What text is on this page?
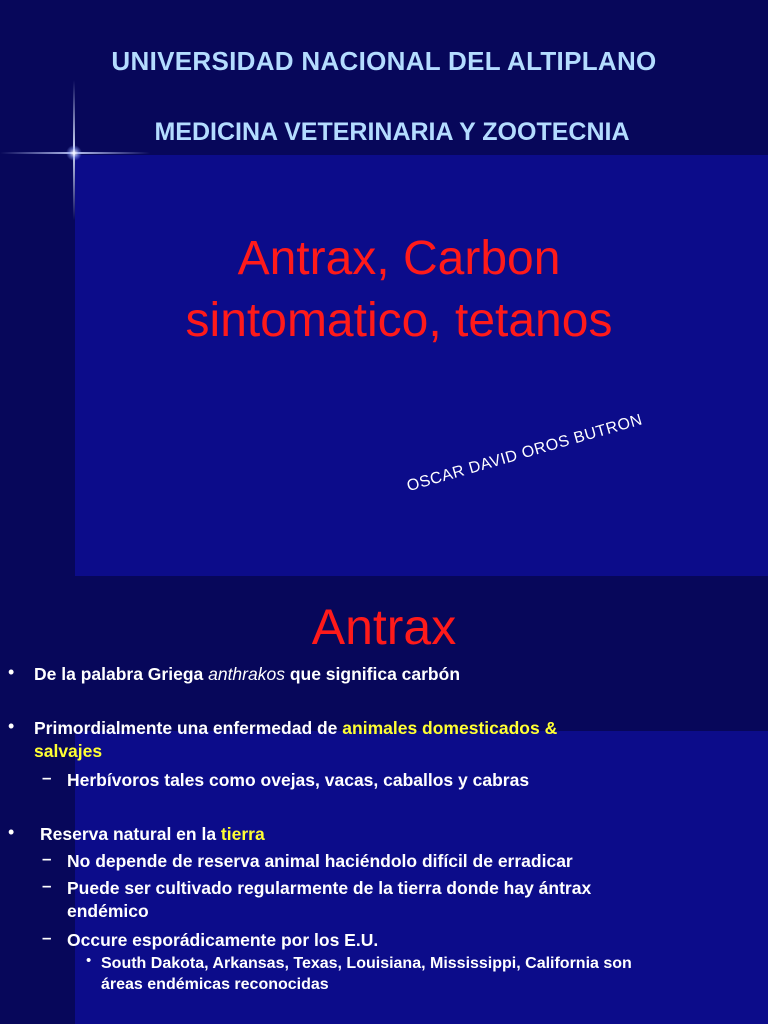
UNIVERSIDAD NACIONAL DEL ALTIPLANO
MEDICINA VETERINARIA Y ZOOTECNIA
Antrax, Carbon
sintomatico, tetanos
OSCAR DAVID OROS BUTRON
Antrax
• De la palabra Griega anthrakos que significa carbón
• Primordialmente una enfermedad de animales domesticados &
salvajes
– Herbívoros tales como ovejas, vacas, caballos y cabras
• Reserva natural en la tierra
– No depende de reserva animal haciéndolo difícil de erradicar
– Puede ser cultivado regularmente de la tierra donde hay ántrax
endémico
– Occure esporádicamente por los E.U.
• South Dakota, Arkansas, Texas, Louisiana, Mississippi, California son
áreas endémicas reconocidas
